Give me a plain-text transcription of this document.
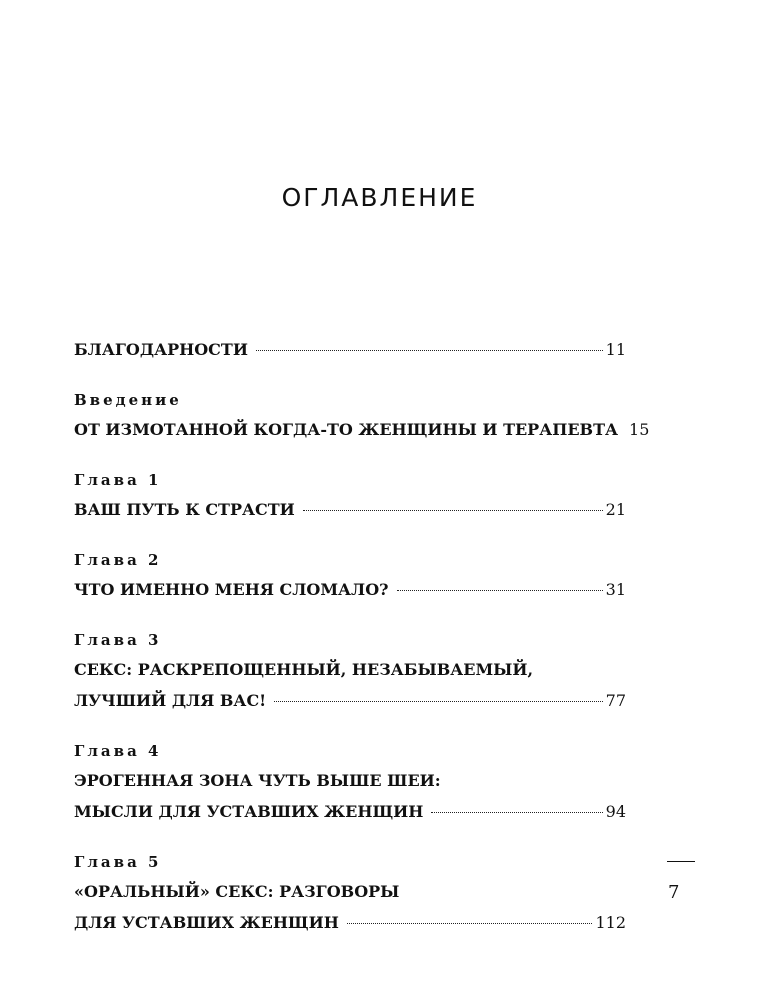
ОГЛАВЛЕНИЕ
БЛАГОДАРНОСТИ	11
Введение
ОТ ИЗМОТАННОЙ КОГДА-ТО ЖЕНЩИНЫ И ТЕРАПЕВТА 15
Глава 1
ВАШ ПУТЬ К СТРАСТИ	21
Глава 2
ЧТО ИМЕННО МЕНЯ СЛОМАЛО?	31
Глава 3
СЕКС: РАСКРЕПОЩЕННЫЙ, НЕЗАБЫВАЕМЫЙ,
ЛУЧШИЙ ДЛЯ ВАС!	77
Глава 4
ЭРОГЕННАЯ ЗОНА ЧУТЬ ВЫШЕ ШЕИ:
МЫСЛИ ДЛЯ УСТАВШИХ ЖЕНЩИН	94
Глава 5
«ОРАЛЬНЫЙ» СЕКС: РАЗГОВОРЫ
ДЛЯ УСТАВШИХ ЖЕНЩИН	112
7
